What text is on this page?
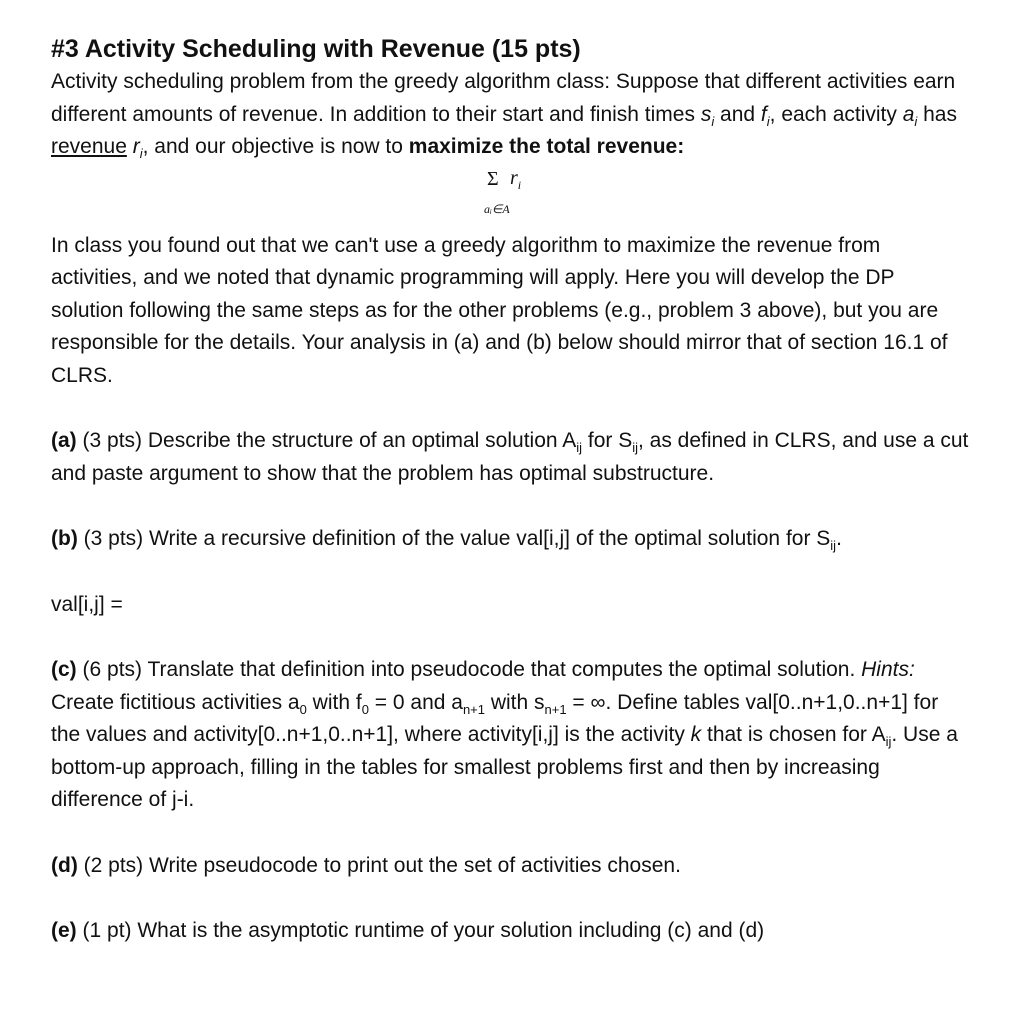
#3 Activity Scheduling with Revenue (15 pts)

Activity scheduling problem from the greedy algorithm class: Suppose that different activities earn different amounts of revenue. In addition to their start and finish times $s_i$ and $f_i$, each activity $a_i$ has revenue $r_i$, and our objective is now to maximize the total revenue:

Σ $r_i$
aᵢ∈A

In class you found out that we can't use a greedy algorithm to maximize the revenue from activities, and we noted that dynamic programming will apply. Here you will develop the DP solution following the same steps as for the other problems (e.g., problem 3 above), but you are responsible for the details. Your analysis in (a) and (b) below should mirror that of section 16.1 of CLRS.

(a) (3 pts) Describe the structure of an optimal solution $A_{ij}$ for $S_{ij}$, as defined in CLRS, and use a cut and paste argument to show that the problem has optimal substructure.

(b) (3 pts) Write a recursive definition of the value val[i,j] of the optimal solution for $S_{ij}$.

val[i,j] =

(c) (6 pts) Translate that definition into pseudocode that computes the optimal solution. Hints: Create fictitious activities $a_0$ with $f_0 = 0$ and $a_{n+1}$ with $s_{n+1}$ = ∞. Define tables val[0..n+1,0..n+1] for the values and activity[0..n+1,0..n+1], where activity[i,j] is the activity k that is chosen for $A_{ij}$. Use a bottom-up approach, filling in the tables for smallest problems first and then by increasing difference of j-i.

(d) (2 pts) Write pseudocode to print out the set of activities chosen.

(e) (1 pt) What is the asymptotic runtime of your solution including (c) and (d)
